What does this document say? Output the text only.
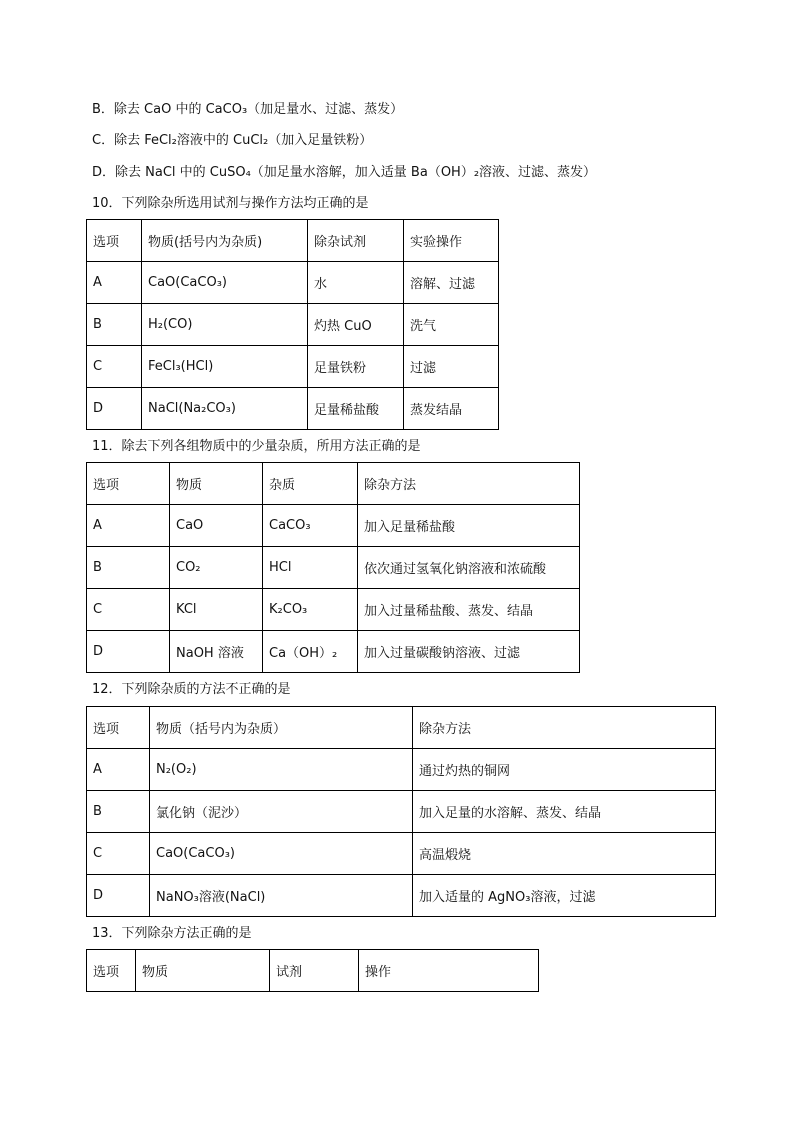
B．除去 CaO 中的 CaCO₃（加足量水、过滤、蒸发）
C．除去 FeCl₂溶液中的 CuCl₂（加入足量铁粉）
D．除去 NaCl 中的 CuSO₄（加足量水溶解，加入适量 Ba（OH）₂溶液、过滤、蒸发）
10．下列除杂所选用试剂与操作方法均正确的是
选项	物质(括号内为杂质)	除杂试剂	实验操作
A	CaO(CaCO₃)	水	溶解、过滤
B	H₂(CO)	灼热 CuO	洗气
C	FeCl₃(HCl)	足量铁粉	过滤
D	NaCl(Na₂CO₃)	足量稀盐酸	蒸发结晶
11．除去下列各组物质中的少量杂质，所用方法正确的是
选项	物质	杂质	除杂方法
A	CaO	CaCO₃	加入足量稀盐酸
B	CO₂	HCl	依次通过氢氧化钠溶液和浓硫酸
C	KCl	K₂CO₃	加入过量稀盐酸、蒸发、结晶
D	NaOH 溶液	Ca（OH）₂	加入过量碳酸钠溶液、过滤
12．下列除杂质的方法不正确的是
选项	物质（括号内为杂质）	除杂方法
A	N₂(O₂)	通过灼热的铜网
B	氯化钠（泥沙）	加入足量的水溶解、蒸发、结晶
C	CaO(CaCO₃)	高温煅烧
D	NaNO₃溶液(NaCl)	加入适量的 AgNO₃溶液，过滤
13．下列除杂方法正确的是
选项	物质	试剂	操作
